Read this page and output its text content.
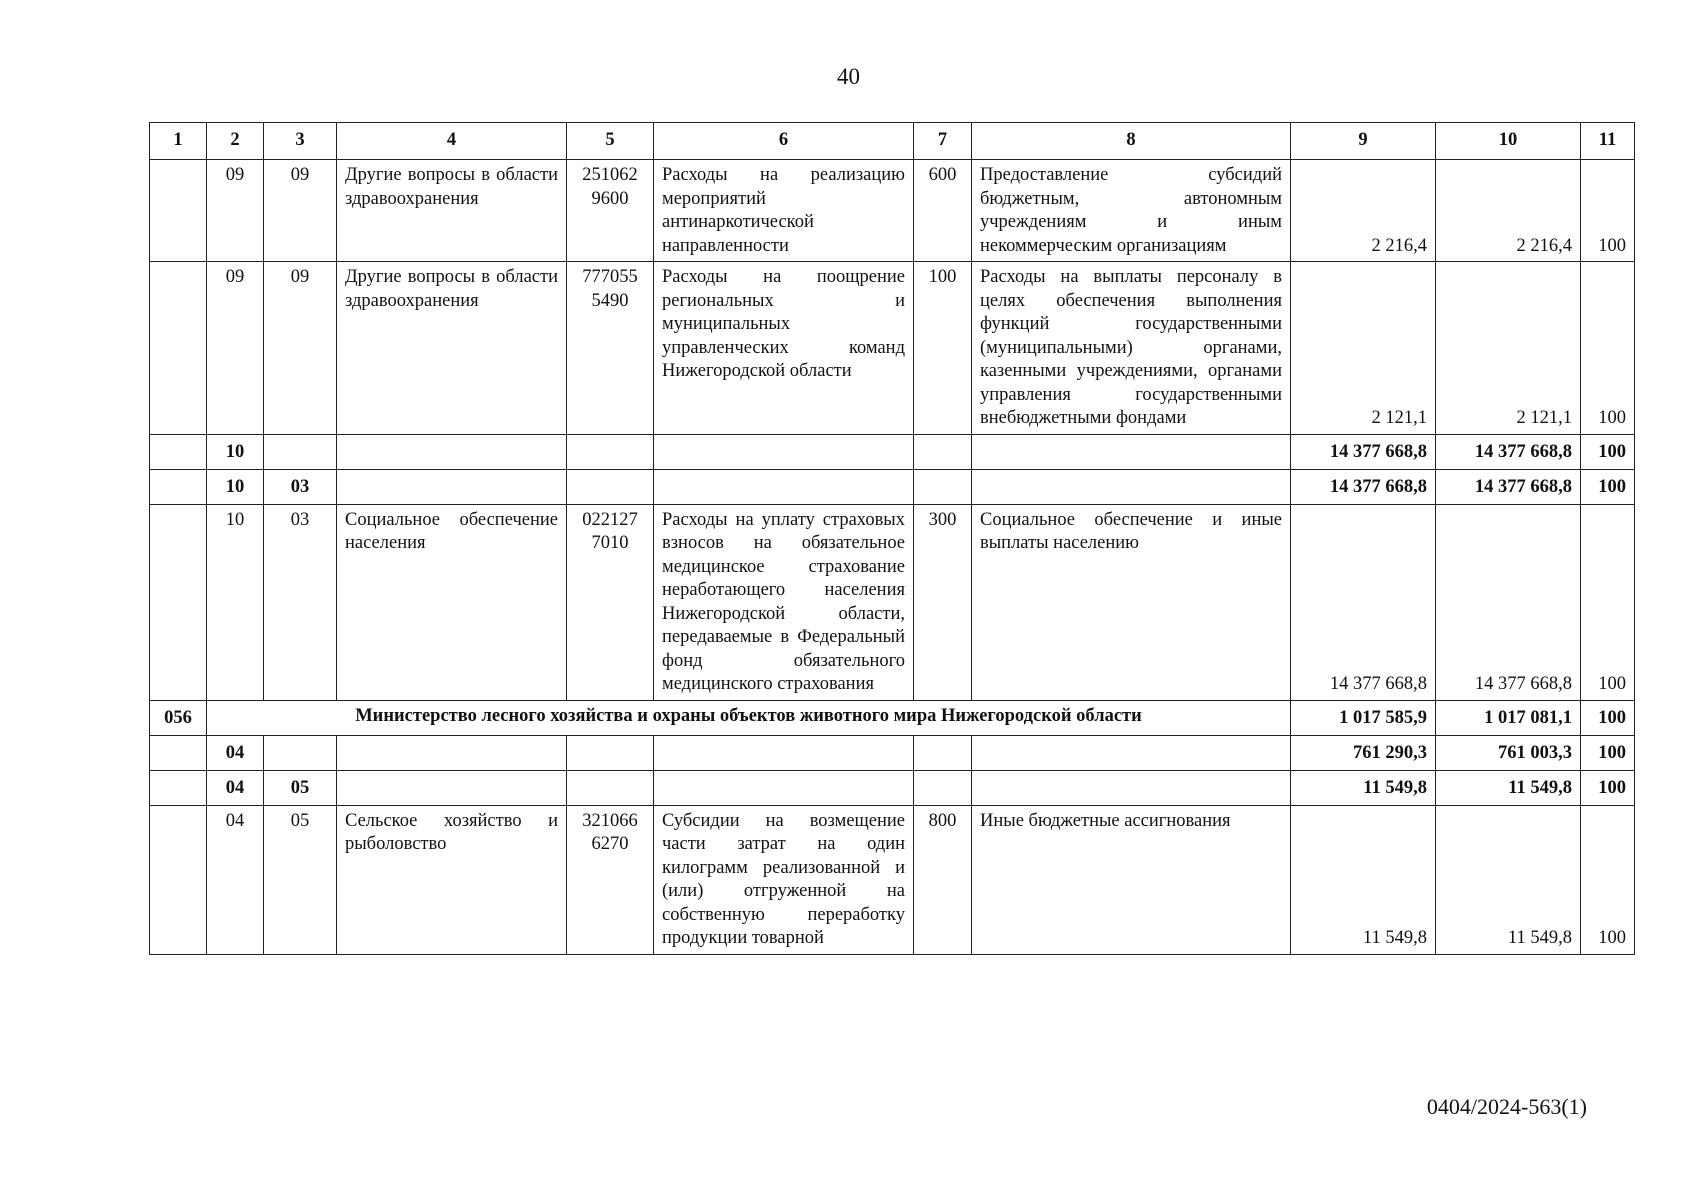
40
1	2	3	4	5	6	7	8	9	10	11
	09	09	Другие вопросы в области здравоохранения	251062 9600	Расходы на реализацию мероприятий антинаркотической направленности	600	Предоставление субсидий бюджетным, автономным учреждениям и иным некоммерческим организациям	2 216,4	2 216,4	100
	09	09	Другие вопросы в области здравоохранения	777055 5490	Расходы на поощрение региональных и муниципальных управленческих команд Нижегородской области	100	Расходы на выплаты персоналу в целях обеспечения выполнения функций государственными (муниципальными) органами, казенными учреждениями, органами управления государственными внебюджетными фондами	2 121,1	2 121,1	100
	10							14 377 668,8	14 377 668,8	100
	10	03						14 377 668,8	14 377 668,8	100
	10	03	Социальное обеспечение населения	022127 7010	Расходы на уплату страховых взносов на обязательное медицинское страхование неработающего населения Нижегородской области, передаваемые в Федеральный фонд обязательного медицинского страхования	300	Социальное обеспечение и иные выплаты населению	14 377 668,8	14 377 668,8	100
056	Министерство лесного хозяйства и охраны объектов животного мира Нижегородской области							1 017 585,9	1 017 081,1	100
	04							761 290,3	761 003,3	100
	04	05						11 549,8	11 549,8	100
	04	05	Сельское хозяйство и рыболовство	321066 6270	Субсидии на возмещение части затрат на один килограмм реализованной и (или) отгруженной на собственную переработку продукции товарной	800	Иные бюджетные ассигнования	11 549,8	11 549,8	100
0404/2024-563(1)
